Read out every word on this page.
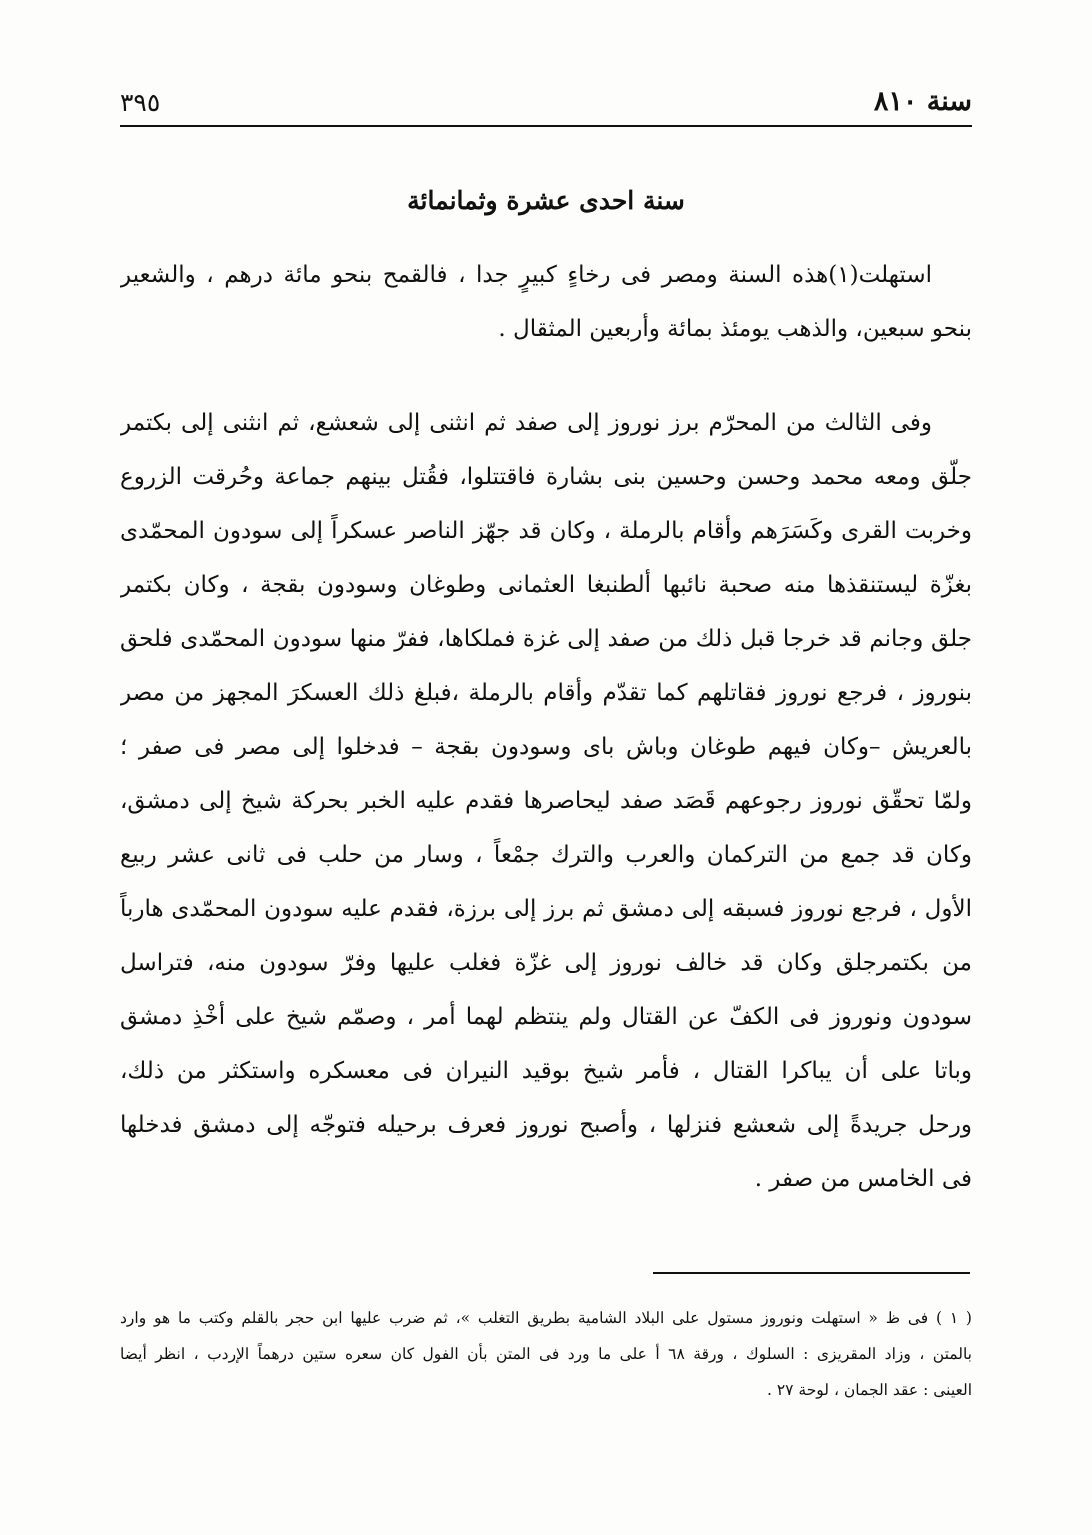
سنة ٨١٠
٣٩٥
سنة احدى عشرة وثمانمائة
استهلت(١)هذه السنة ومصر فى رخاءٍ كبيرٍ جدا ، فالقمح بنحو مائة درهم ، والشعير
بنحو سبعين، والذهب يومئذ بمائة وأربعين المثقال .
وفى الثالث من المحرّم برز نوروز إلى صفد ثم انثنى إلى شعشع، ثم انثنى إلى بكتمر
جلّق ومعه محمد وحسن وحسين بنى بشارة فاقتتلوا، فقُتل بينهم جماعة وحُرقت الزروع
وخربت القرى وكَسَرَهم وأقام بالرملة ، وكان قد جهّز الناصر عسكراً إلى سودون المحمّدى
بغزّة ليستنقذها منه صحبة نائبها ألطنبغا العثمانى وطوغان وسودون بقجة ، وكان بكتمر
جلق وجانم قد خرجا قبل ذلك من صفد إلى غزة فملكاها، ففرّ منها سودون المحمّدى فلحق
بنوروز ، فرجع نوروز فقاتلهم كما تقدّم وأقام بالرملة ،فبلغ ذلك العسكرَ المجهز من مصر
بالعريش –وكان فيهم طوغان وباش باى وسودون بقجة – فدخلوا إلى مصر فى صفر ؛
ولمّا تحقّق نوروز رجوعهم قَصَد صفد ليحاصرها فقدم عليه الخبر بحركة شيخ إلى دمشق،
وكان قد جمع من التركمان والعرب والترك جمْعاً ، وسار من حلب فى ثانى عشر ربيع
الأول ، فرجع نوروز فسبقه إلى دمشق ثم برز إلى برزة، فقدم عليه سودون المحمّدى هارباً
من بكتمرجلق وكان قد خالف نوروز إلى غزّة فغلب عليها وفرّ سودون منه، فتراسل
سودون ونوروز فى الكفّ عن القتال ولم ينتظم لهما أمر ، وصمّم شيخ على أخْذِ دمشق
وباتا على أن يباكرا القتال ، فأمر شيخ بوقيد النيران فى معسكره واستكثر من ذلك،
ورحل جريدةً إلى شعشع فنزلها ، وأصبح نوروز فعرف برحيله فتوجّه إلى دمشق فدخلها
فى الخامس من صفر .
( ١ ) فى ظ « استهلت ونوروز مستول على البلاد الشامية بطريق التغلب »، ثم ضرب عليها ابن حجر بالقلم وكتب ما هو وارد
بالمتن ، وزاد المقريزى : السلوك ، ورقة ٦٨ أ على ما ورد فى المتن بأن الفول كان سعره ستين درهماً الإردب ، انظر أيضا
العينى : عقد الجمان ، لوحة ٢٧ .
